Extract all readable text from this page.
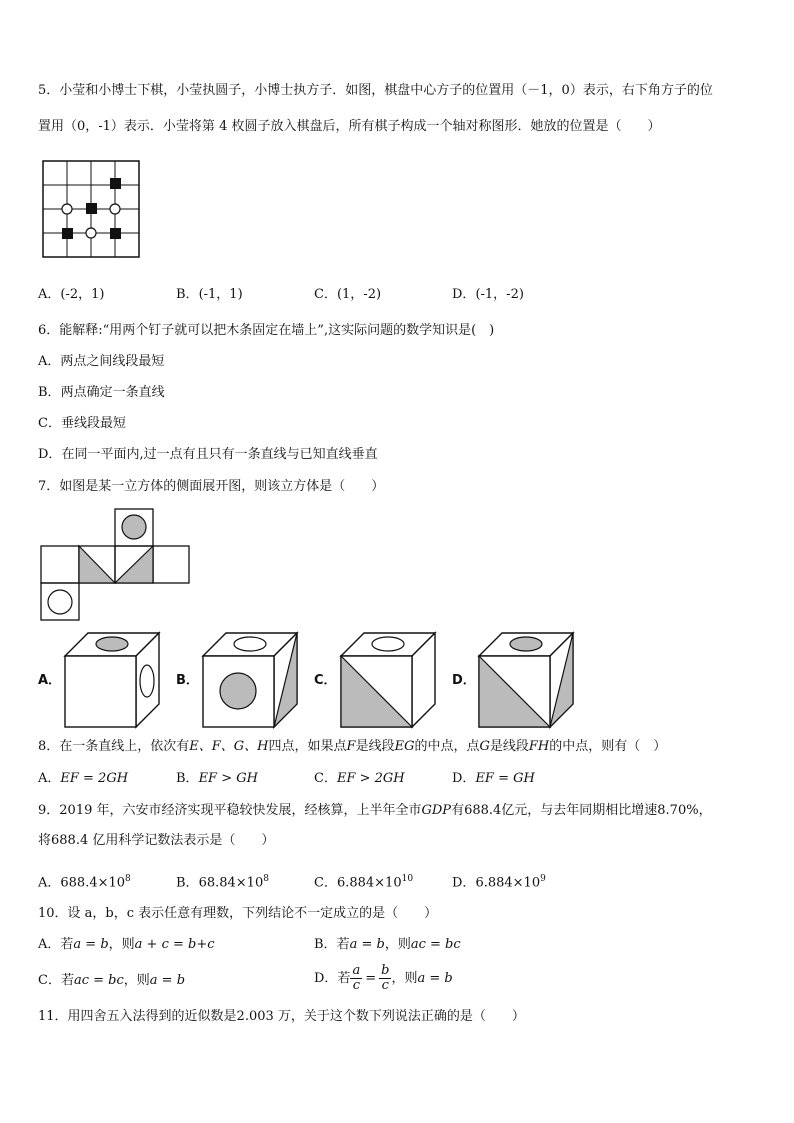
5．小莹和小博士下棋，小莹执圆子，小博士执方子．如图，棋盘中心方子的位置用（－1，0）表示，右下角方子的位
置用（0，-1）表示．小莹将第 4 枚圆子放入棋盘后，所有棋子构成一个轴对称图形．她放的位置是（　　）
A．(-2，1)	B．(-1，1)	C．(1，-2)	D．(-1，-2)
6．能解释:“用两个钉子就可以把木条固定在墙上”,这实际问题的数学知识是(　)
A．两点之间线段最短
B．两点确定一条直线
C．垂线段最短
D．在同一平面内,过一点有且只有一条直线与已知直线垂直
7．如图是某一立方体的侧面展开图，则该立方体是（　　）
A．	B．	C．	D．
8．在一条直线上，依次有E、F、G、H四点，如果点F是线段EG的中点，点G是线段FH的中点，则有（　）
A．EF = 2GH	B．EF > GH	C．EF > 2GH	D．EF = GH
9．2019 年，六安市经济实现平稳较快发展，经核算，上半年全市GDP有688.4亿元，与去年同期相比增速8.70%，
将688.4 亿用科学记数法表示是（　　）
A．$688.4\times 10^8$	B．$68.84\times 10^8$	C．$6.884\times 10^{10}$	D．$6.884\times 10^9$
10．设 a，b，c 表示任意有理数，下列结论不一定成立的是（　　）
A．若a = b，则a + c = b+c	B．若a = b，则ac = bc
C．若ac = bc，则a = b	D．若 $\frac{a}{c} = \frac{b}{c}$ ，则a = b
11．用四舍五入法得到的近似数是2.003 万，关于这个数下列说法正确的是（　　）
